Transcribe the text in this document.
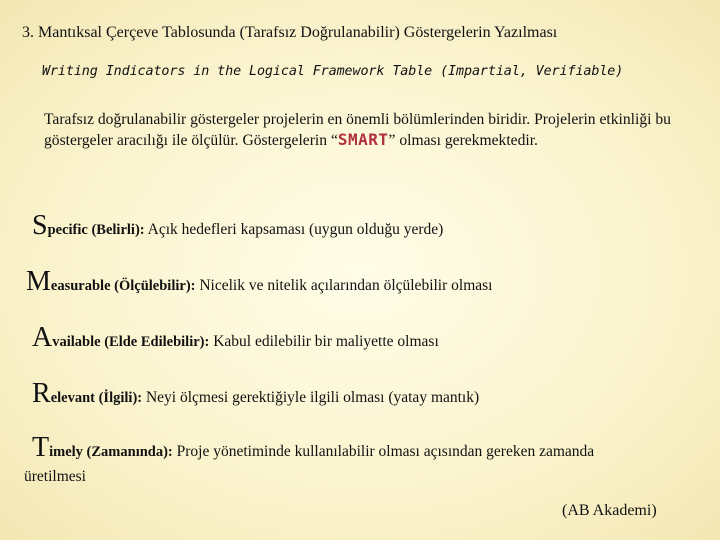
3. Mantıksal Çerçeve Tablosunda (Tarafsız Doğrulanabilir) Göstergelerin Yazılması
Writing Indicators in the Logical Framework Table (Impartial, Verifiable)
Tarafsız doğrulanabilir göstergeler projelerin en önemli bölümlerinden biridir. Projelerin etkinliği bu göstergeler aracılığı ile ölçülür. Göstergelerin “SMART” olması gerekmektedir.
Specific (Belirli): Açık hedefleri kapsaması (uygun olduğu yerde)
Measurable (Ölçülebilir): Nicelik ve nitelik açılarından ölçülebilir olması
Available (Elde Edilebilir): Kabul edilebilir bir maliyette olması
Relevant (İlgili): Neyi ölçmesi gerektiğiyle ilgili olması (yatay mantık)
Timely (Zamanında): Proje yönetiminde kullanılabilir olması açısından gereken zamanda
üretilmesi
(AB Akademi)
